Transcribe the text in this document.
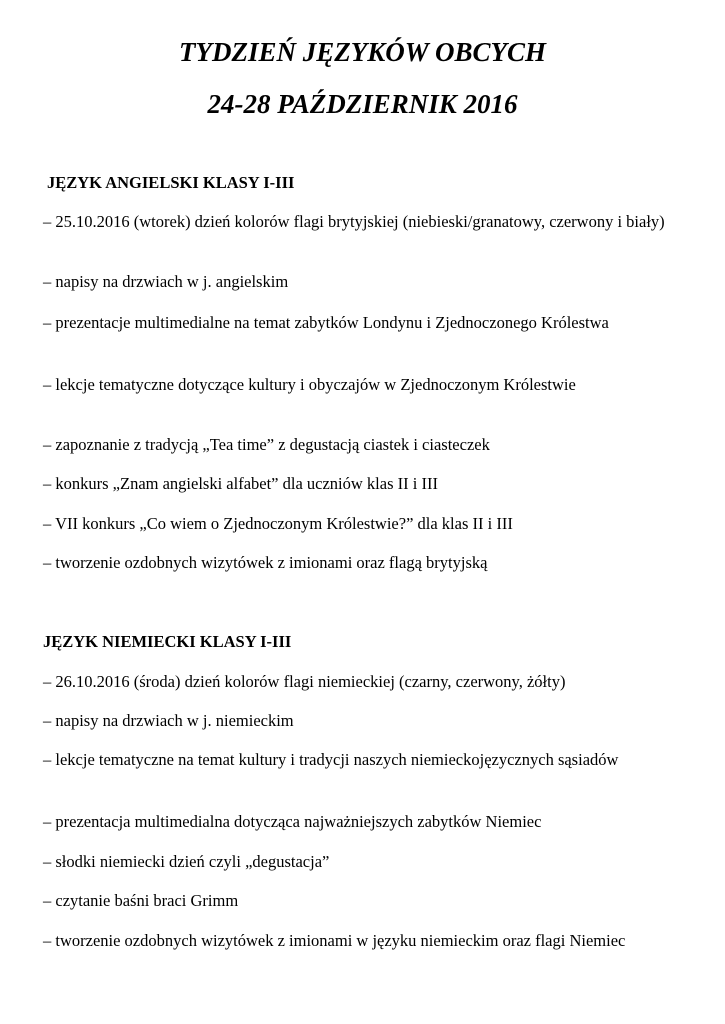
TYDZIEŃ JĘZYKÓW OBCYCH
24-28 PAŹDZIERNIK 2016

JĘZYK ANGIELSKI KLASY I-III

– 25.10.2016 (wtorek) dzień kolorów flagi brytyjskiej (niebieski/granatowy, czerwony i biały)

– napisy na drzwiach w j. angielskim

– prezentacje multimedialne na temat zabytków Londynu i Zjednoczonego Królestwa

– lekcje tematyczne dotyczące kultury i obyczajów w Zjednoczonym Królestwie

– zapoznanie z tradycją „Tea time” z degustacją ciastek i ciasteczek

– konkurs „Znam angielski alfabet” dla uczniów klas II i III

– VII konkurs „Co wiem o Zjednoczonym Królestwie?” dla klas II i III

– tworzenie ozdobnych wizytówek z imionami oraz flagą brytyjską

JĘZYK NIEMIECKI KLASY I-III

– 26.10.2016 (środa) dzień kolorów flagi niemieckiej (czarny, czerwony, żółty)

– napisy na drzwiach w j. niemieckim

– lekcje tematyczne na temat kultury i tradycji naszych niemieckojęzycznych sąsiadów

– prezentacja multimedialna dotycząca najważniejszych zabytków Niemiec

– słodki niemiecki dzień czyli „degustacja”

– czytanie baśni braci Grimm

– tworzenie ozdobnych wizytówek z imionami w języku niemieckim oraz flagi Niemiec
